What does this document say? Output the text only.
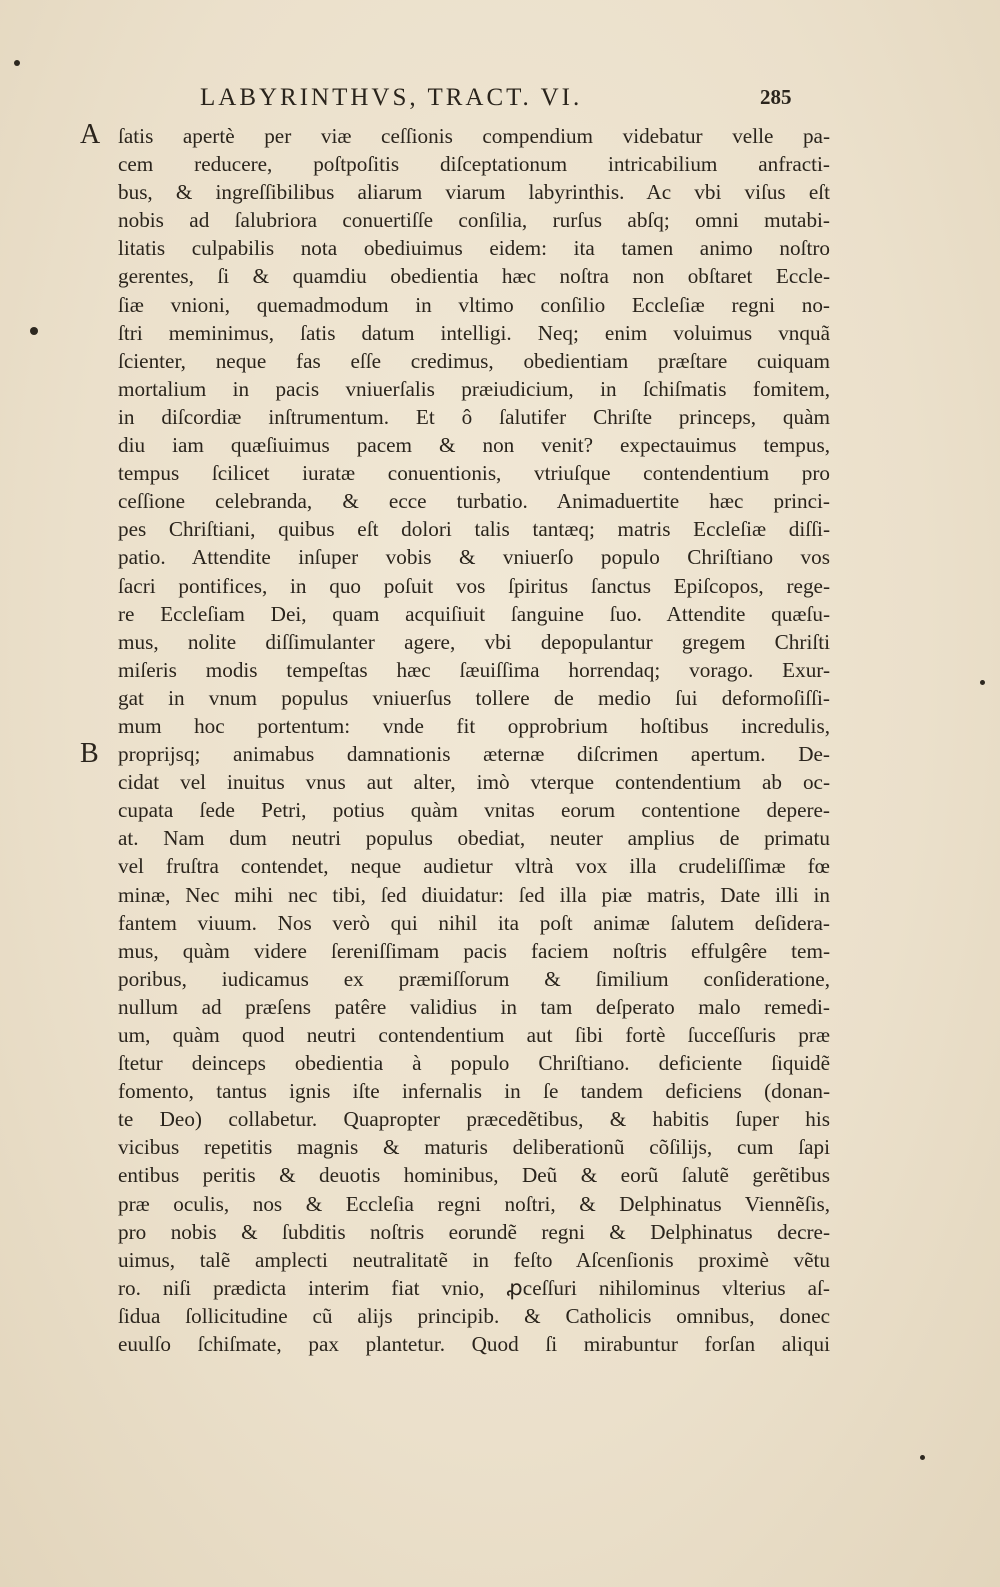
LABYRINTHVS, TRACT. VI.	285
A
B
ſatis apertè per viæ ceſſionis compendium videbatur velle pa-
cem reducere, poſtpoſitis diſceptationum intricabilium anfracti-
bus, & ingreſſibilibus aliarum viarum labyrinthis. Ac vbi viſus eſt
nobis ad ſalubriora conuertiſſe conſilia, rurſus abſq; omni mutabi-
litatis culpabilis nota obediuimus eidem: ita tamen animo noſtro
gerentes, ſi & quamdiu obedientia hæc noſtra non obſtaret Eccle-
ſiæ vnioni, quemadmodum in vltimo conſilio Eccleſiæ regni no-
ſtri meminimus, ſatis datum intelligi. Neq; enim voluimus vnquã
ſcienter, neque fas eſſe credimus, obedientiam præſtare cuiquam
mortalium in pacis vniuerſalis præiudicium, in ſchiſmatis fomitem,
in diſcordiæ inſtrumentum. Et ô ſalutifer Chriſte princeps, quàm
diu iam quæſiuimus pacem & non venit? expectauimus tempus,
tempus ſcilicet iuratæ conuentionis, vtriuſque contendentium pro
ceſſione celebranda, & ecce turbatio. Animaduertite hæc princi-
pes Chriſtiani, quibus eſt dolori talis tantæq; matris Eccleſiæ diſſi-
patio. Attendite inſuper vobis & vniuerſo populo Chriſtiano vos
ſacri pontifices, in quo poſuit vos ſpiritus ſanctus Epiſcopos, rege-
re Eccleſiam Dei, quam acquiſiuit ſanguine ſuo. Attendite quæſu-
mus, nolite diſſimulanter agere, vbi depopulantur gregem Chriſti
miſeris modis tempeſtas hæc ſæuiſſima horrendaq; vorago. Exur-
gat in vnum populus vniuerſus tollere de medio ſui deformoſiſſi-
mum hoc portentum: vnde fit opprobrium hoſtibus incredulis,
proprijsq; animabus damnationis æternæ diſcrimen apertum. De-
cidat vel inuitus vnus aut alter, imò vterque contendentium ab oc-
cupata ſede Petri, potius quàm vnitas eorum contentione depere-
at. Nam dum neutri populus obediat, neuter amplius de primatu
vel fruſtra contendet, neque audietur vltrà vox illa crudeliſſimæ fœ
minæ, Nec mihi nec tibi, ſed diuidatur: ſed illa piæ matris, Date illi in
fantem viuum. Nos verò qui nihil ita poſt animæ ſalutem deſidera-
mus, quàm videre ſereniſſimam pacis faciem noſtris effulgêre tem-
poribus, iudicamus ex præmiſſorum & ſimilium conſideratione,
nullum ad præſens patêre validius in tam deſperato malo remedi-
um, quàm quod neutri contendentium aut ſibi fortè ſucceſſuris præ
ſtetur deinceps obedientia à populo Chriſtiano. deficiente ſiquidẽ
fomento, tantus ignis iſte infernalis in ſe tandem deficiens (donan-
te Deo) collabetur. Quapropter præcedẽtibus, & habitis ſuper his
vicibus repetitis magnis & maturis deliberationũ cõſilijs, cum ſapi
entibus peritis & deuotis hominibus, Deũ & eorũ ſalutẽ gerẽtibus
præ oculis, nos & Eccleſia regni noſtri, & Delphinatus Viennẽſis,
pro nobis & ſubditis noſtris eorundẽ regni & Delphinatus decre-
uimus, talẽ amplecti neutralitatẽ in feſto Aſcenſionis proximè vẽtu
ro. niſi prædicta interim fiat vnio, ꝓceſſuri nihilominus vlterius aſ-
ſidua ſollicitudine cũ alijs principib. & Catholicis omnibus, donec
euulſo ſchiſmate, pax plantetur. Quod ſi mirabuntur forſan aliqui
